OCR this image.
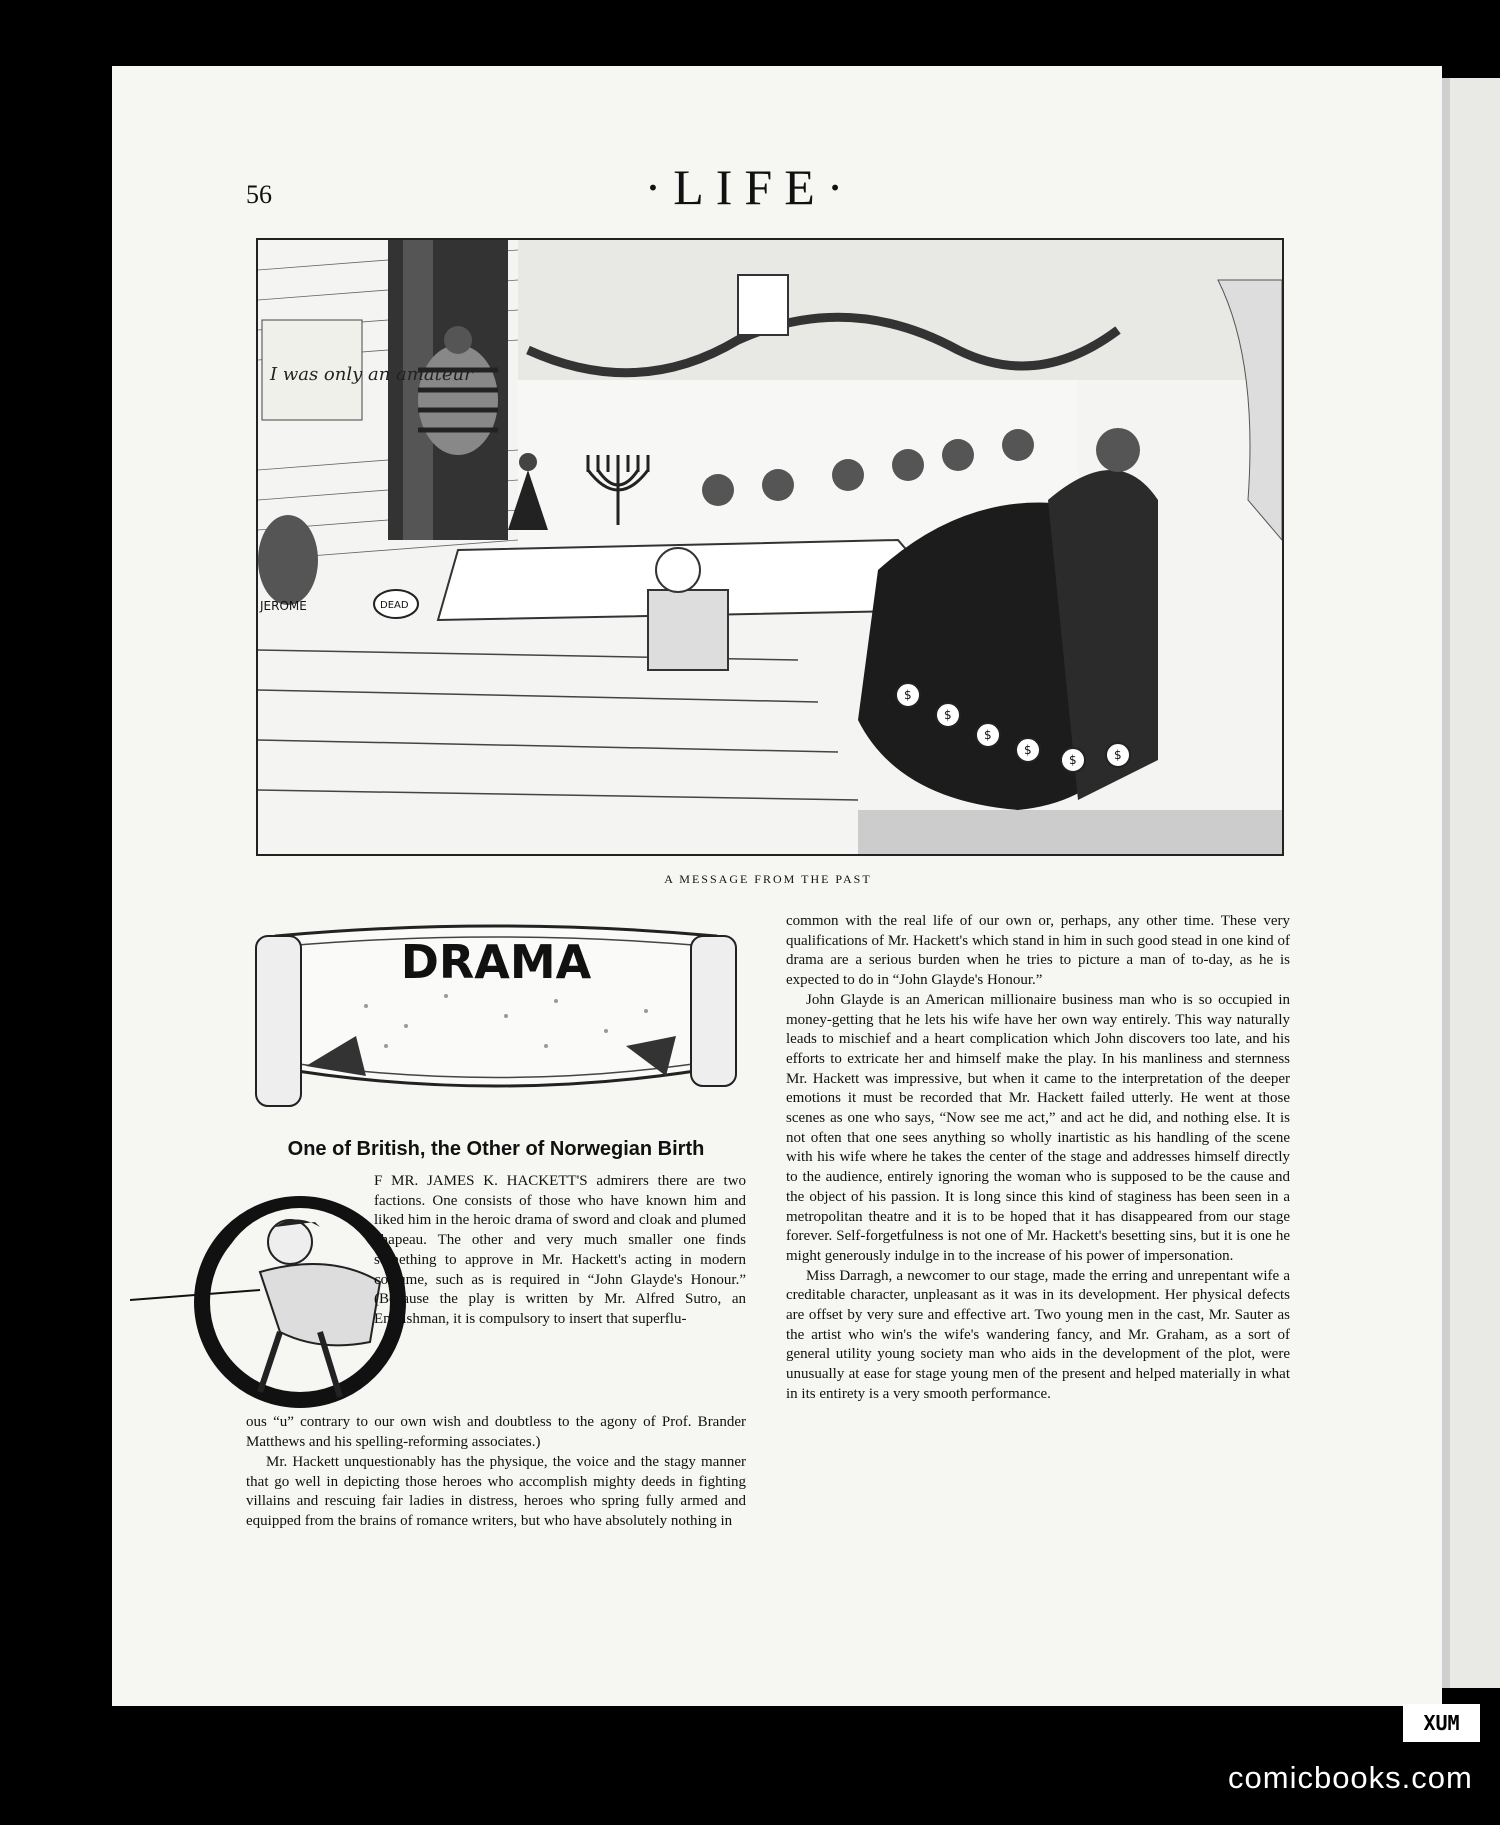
56	·LIFE·
I was only an amateur
JEROME	DEAD
$
$
$
$
$	$
A MESSAGE FROM THE PAST
DRAMA
One of British, the Other of Norwegian Birth
F MR. JAMES K. HACKETT'S admirers there are two factions. One consists of those who have known him and liked him in the heroic drama of sword and cloak and plumed chapeau. The other and very much smaller one finds something to approve in Mr. Hackett's acting in modern costume, such as is required in “John Glayde's Honour.” (Because the play is written by Mr. Alfred Sutro, an Englishman, it is compulsory to insert that superflu-
ous “u” contrary to our own wish and doubtless to the agony of Prof. Brander Matthews and his spelling-reforming associates.)
Mr. Hackett unquestionably has the physique, the voice and the stagy manner that go well in depicting those heroes who accomplish mighty deeds in fighting villains and rescuing fair ladies in distress, heroes who spring fully armed and equipped from the brains of romance writers, but who have absolutely nothing in

common with the real life of our own or, perhaps, any other time. These very qualifications of Mr. Hackett's which stand in him in such good stead in one kind of drama are a serious burden when he tries to picture a man of to-day, as he is expected to do in “John Glayde's Honour.”

John Glayde is an American millionaire business man who is so occupied in money-getting that he lets his wife have her own way entirely. This way naturally leads to mischief and a heart complication which John discovers too late, and his efforts to extricate her and himself make the play. In his manliness and sternness Mr. Hackett was impressive, but when it came to the interpretation of the deeper emotions it must be recorded that Mr. Hackett failed utterly. He went at those scenes as one who says, “Now see me act,” and act he did, and nothing else. It is not often that one sees anything so wholly inartistic as his handling of the scene with his wife where he takes the center of the stage and addresses himself directly to the audience, entirely ignoring the woman who is supposed to be the cause and the object of his passion. It is long since this kind of staginess has been seen in a metropolitan theatre and it is to be hoped that it has disappeared from our stage forever. Self-forgetfulness is not one of Mr. Hackett's besetting sins, but it is one he might generously indulge in to the increase of his power of impersonation.

Miss Darragh, a newcomer to our stage, made the erring and unrepentant wife a creditable character, unpleasant as it was in its development. Her physical defects are offset by very sure and effective art. Two young men in the cast, Mr. Sauter as the artist who win's the wife's wandering fancy, and Mr. Graham, as a sort of general utility young society man who aids in the development of the plot, were unusually at ease for stage young men of the present and helped materially in what in its entirety is a very smooth performance.

XUM
comicbooks.com
